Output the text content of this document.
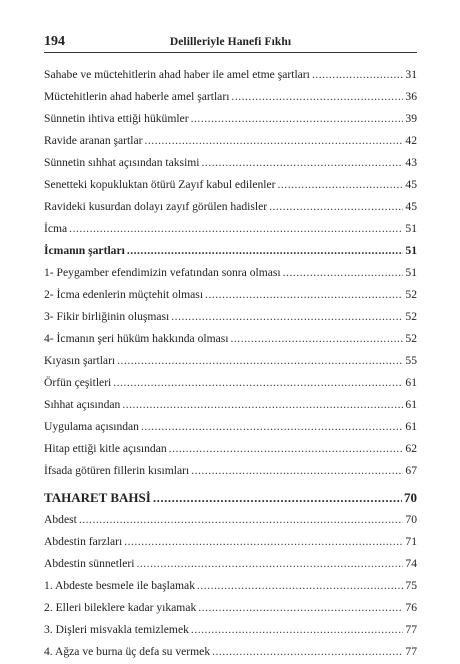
194	Delilleriyle Hanefi Fıkhı
Sahabe ve müctehitlerin ahad haber ile amel etme şartları .....	31
Müctehitlerin ahad haberle amel şartları .....	36
Sünnetin ihtiva ettiği hükümler .....	39
Ravide aranan şartlar .....	42
Sünnetin sıhhat açısından taksimi .....	43
Senetteki kopukluktan ötürü Zayıf kabul edilenler .....	45
Ravideki kusurdan dolayı zayıf görülen hadisler .....	45
İcma .....	51
İcmanın şartları .....	51
1- Peygamber efendimizin vefatından sonra olması .....	51
2- İcma edenlerin müçtehit olması .....	52
3- Fikir birliğinin oluşması .....	52
4- İcmanın şeri hüküm hakkında olması .....	52
Kıyasın şartları .....	55
Örfün çeşitleri .....	61
Sıhhat açısından .....	61
Uygulama açısından .....	61
Hitap ettiği kitle açısından .....	62
İfsada götüren fillerin kısımları .....	67
TAHARET BAHSİ .....	70
Abdest .....	70
Abdestin farzları .....	71
Abdestin sünnetleri .....	74
1. Abdeste besmele ile başlamak .....	75
2. Elleri bileklere kadar yıkamak .....	76
3. Dişleri misvakla temizlemek .....	77
4. Ağza ve burna üç defa su vermek .....	77
